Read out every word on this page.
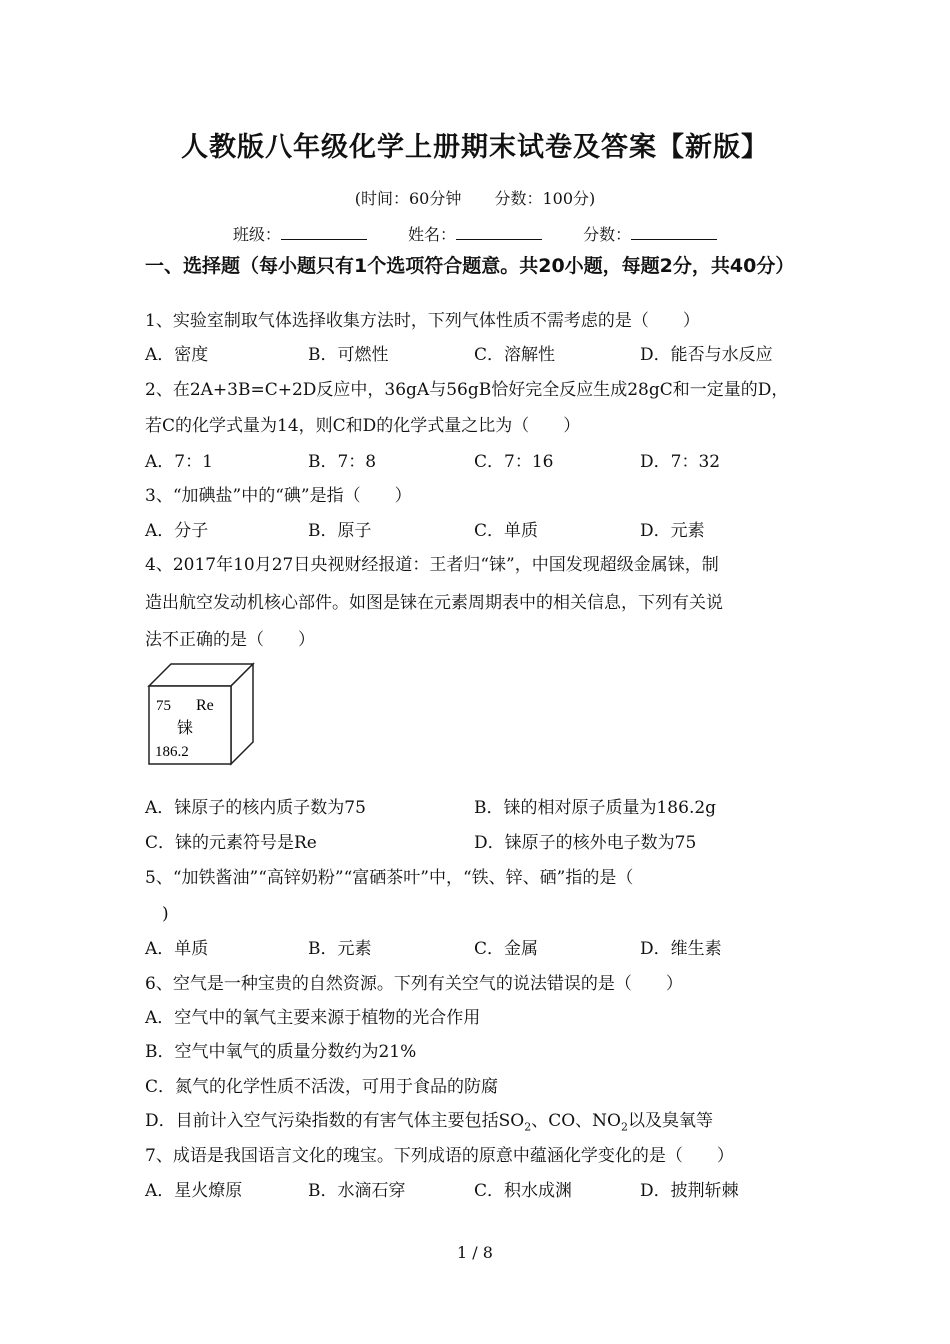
人教版八年级化学上册期末试卷及答案【新版】
(时间：60分钟 分数：100分)
班级：	姓名：	分数：
一、选择题（每小题只有1个选项符合题意。共20小题，每题2分，共40分）
1、实验室制取气体选择收集方法时，下列气体性质不需考虑的是（　　）
A．密度	B．可燃性	C．溶解性	D．能否与水反应
2、在2A+3B=C+2D反应中，36gA与56gB恰好完全反应生成28gC和一定量的D，
若C的化学式量为14，则C和D的化学式量之比为（　　）
A．7：1	B．7：8	C．7：16	D．7：32
3、“加碘盐”中的“碘”是指（　　）
A．分子	B．原子	C．单质	D．元素
4、2017年10月27日央视财经报道：王者归“铼”，中国发现超级金属铼，制
造出航空发动机核心部件。如图是铼在元素周期表中的相关信息，下列有关说
法不正确的是（　　）
75 Re
铼
186.2
A．铼原子的核内质子数为75	B．铼的相对原子质量为186.2g
C．铼的元素符号是Re	D．铼原子的核外电子数为75
5、“加铁酱油”“高锌奶粉”“富硒茶叶”中，“铁、锌、硒”指的是（
　)
A．单质	B．元素	C．金属	D．维生素
6、空气是一种宝贵的自然资源。下列有关空气的说法错误的是（　　）
A．空气中的氧气主要来源于植物的光合作用
B．空气中氧气的质量分数约为21%
C．氮气的化学性质不活泼，可用于食品的防腐
D．目前计入空气污染指数的有害气体主要包括$SO_2$、CO、$NO_2$以及臭氧等
7、成语是我国语言文化的瑰宝。下列成语的原意中蕴涵化学变化的是（　　）
A．星火燎原	B．水滴石穿	C．积水成渊	D．披荆斩棘
1 / 8
